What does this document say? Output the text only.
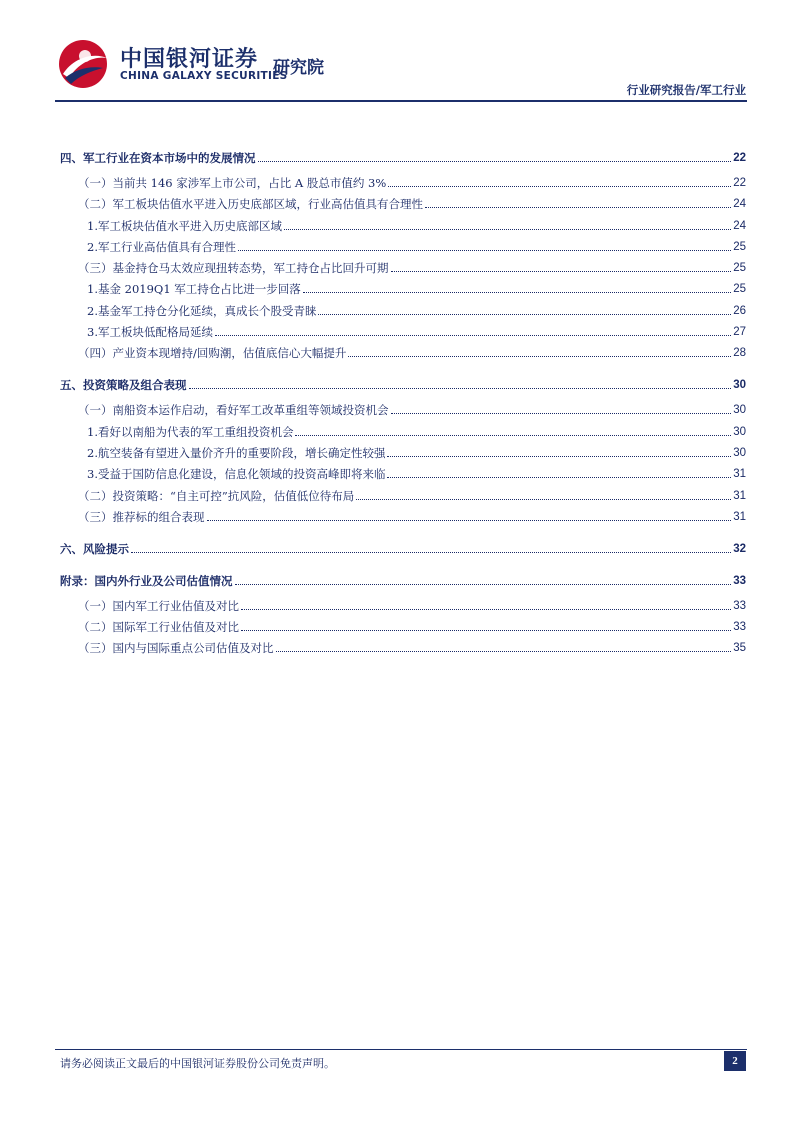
中国银河证券
CHINA GALAXY SECURITIES
研究院
行业研究报告/军工行业
四、军工行业在资本市场中的发展情况	22
（一）当前共 146 家涉军上市公司，占比 A 股总市值约 3%	22
（二）军工板块估值水平进入历史底部区域，行业高估值具有合理性	24
1.军工板块估值水平进入历史底部区域	24
2.军工行业高估值具有合理性	25
（三）基金持仓马太效应现扭转态势，军工持仓占比回升可期	25
1.基金 2019Q1 军工持仓占比进一步回落	25
2.基金军工持仓分化延续，真成长个股受青睐	26
3.军工板块低配格局延续	27
（四）产业资本现增持/回购潮，估值底信心大幅提升	28
五、投资策略及组合表现	30
（一）南船资本运作启动，看好军工改革重组等领域投资机会	30
1.看好以南船为代表的军工重组投资机会	30
2.航空装备有望进入量价齐升的重要阶段，增长确定性较强	30
3.受益于国防信息化建设，信息化领域的投资高峰即将来临	31
（二）投资策略：“自主可控”抗风险，估值低位待布局	31
（三）推荐标的组合表现	31
六、风险提示	32
附录：国内外行业及公司估值情况	33
（一）国内军工行业估值及对比	33
（二）国际军工行业估值及对比	33
（三）国内与国际重点公司估值及对比	35
请务必阅读正文最后的中国银河证券股份公司免责声明。	2
